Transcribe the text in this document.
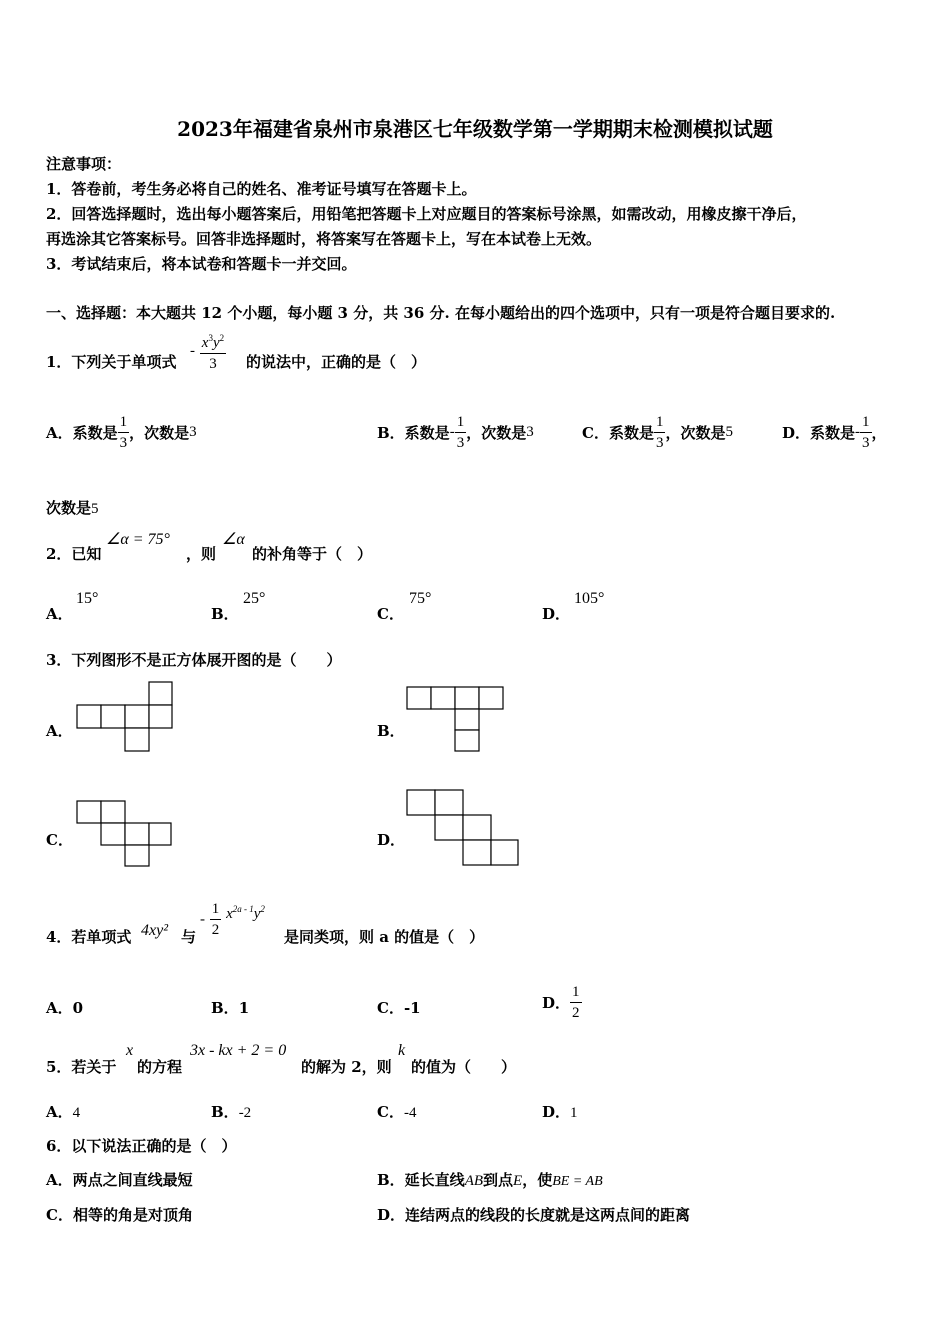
2023年福建省泉州市泉港区七年级数学第一学期期末检测模拟试题
注意事项：
1．答卷前，考生务必将自己的姓名、准考证号填写在答题卡上。
2．回答选择题时，选出每小题答案后，用铅笔把答题卡上对应题目的答案标号涂黑，如需改动，用橡皮擦干净后，
再选涂其它答案标号。回答非选择题时，将答案写在答题卡上，写在本试卷上无效。
3．考试结束后，将本试卷和答题卡一并交回。
一、选择题：本大题共 12 个小题，每小题 3 分，共 36 分. 在每小题给出的四个选项中，只有一项是符合题目要求的.
1．下列关于单项式
- $\frac{x^3y^2}{3}$ 的说法中，正确的是（　）
A．系数是 $\frac{1}{3}$ ，次数是3	B．系数是- $\frac{1}{3}$ ，次数是3	C．系数是 $\frac{1}{3}$ ，次数是5	D．系数是- $\frac{1}{3}$ ，
次数是5
2．已知
∠α = 75°
，则
∠α
的补角等于（　）
A．
15°
B．
25°
C．
75°
D．
105°
3．下列图形不是正方体展开图的是（　　）
A．	B．
C．	D．
4．若单项式 4xy² 与
- $\frac{1}{2} x^{2a - 1}y^2$
是同类项，则 a 的值是（　）
A．0	B．1	C．-1	D． $\frac{1}{2}$
5．若关于
x
的方程
3x - kx + 2 = 0
的解为 2，则
k
的值为（　　）
A．4	B．-2	C．-4	D．1
6．以下说法正确的是（　）
A．两点之间直线最短	B．延长直线AB到点E，使BE = AB
C．相等的角是对顶角	D．连结两点的线段的长度就是这两点间的距离
